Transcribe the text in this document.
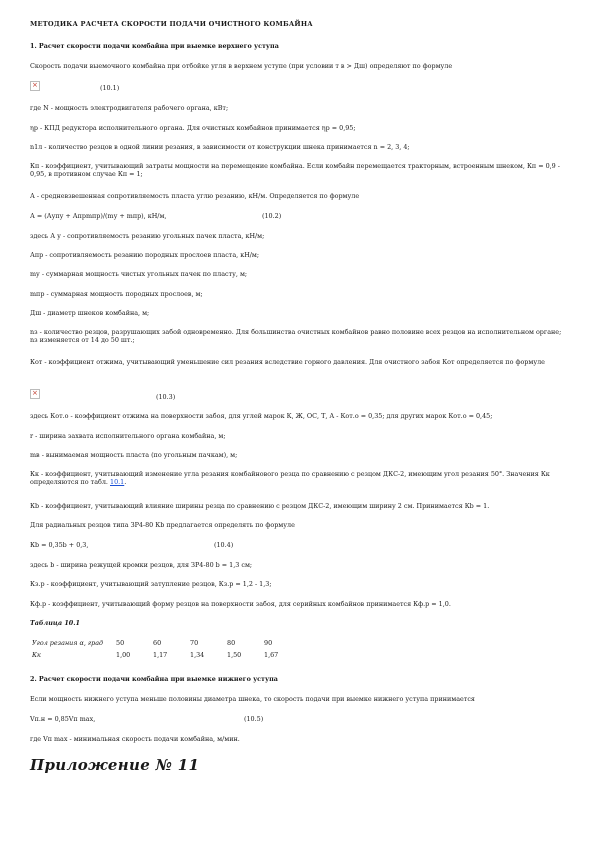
МЕТОДИКА РАСЧЕТА СКОРОСТИ ПОДАЧИ ОЧИСТНОГО КОМБАЙНА
1. Расчет скорости подачи комбайна при выемке верхнего уступа
Скорость подачи выемочного комбайна при отбойке угля в верхнем уступе (при условии т в > Дш) определяют по формуле
×
(10.1)
где N - мощность электродвигателя рабочего органа, кВт;
ηр - КПД редуктора исполнительного органа. Для очистных комбайнов принимается ηр = 0,95;
n1л - количество резцов в одной линии резания, в зависимости от конструкции шнека принимается n = 2, 3, 4;
Кп - коэффициент, учитывающий затраты мощности на перемещение комбайна. Если комбайн перемещается тракторным, встроенным шнеком, Кп = 0,9 - 0,95, в противном случае Кп = 1;
А - средневзвешенная сопротивляемость пласта углю резанию, кН/м. Определяется по формуле
А = (Аупу + Апрmпр)/(mу + mпр), кН/м,	(10.2)
здесь А у - сопротивляемость резанию угольных пачек пласта, кН/м;
Апр - сопротивляемость резанию породных прослоев пласта, кН/м;
mу - суммарная мощность чистых угольных пачек по пласту, м;
mпр - суммарная мощность породных прослоев, м;
Дш - диаметр шнеков комбайна, м;
nз - количество резцов, разрушающих забой одновременно. Для большинства очистных комбайнов равно половине всех резцов на исполнительном органе; nз изменяется от 14 до 50 шт.;
Кот - коэффициент отжима, учитывающий уменьшение сил резания вследствие горного давления. Для очистного забоя Кот определяется по формуле
×
(10.3)
здесь Кот.о - коэффициент отжима на поверхности забоя, для углей марок К, Ж, ОС, Т, А - Кот.о = 0,35; для других марок Кот.о = 0,45;
r - ширина захвата исполнительного органа комбайна, м;
mв - вынимаемая мощность пласта (по угольным пачкам), м;
Кк - коэффициент, учитывающий изменение угла резания комбайнового резца по сравнению с резцом ДКС-2, имеющим угол резания 50°. Значения Кк определяются по табл. 10.1.
Кb - коэффициент, учитывающий влияние ширины резца по сравнению с резцом ДКС-2, имеющим ширину 2 см. Принимается Кb = 1.
Для радиальных резцов типа ЗР4-80 Кb предлагается определять по формуле
Кb = 0,35b + 0,3,	(10.4)
здесь b - ширина режущей кромки резцов, для ЗР4-80 b = 1,3 см;
Кз.р - коэффициент, учитывающий затупление резцов, Кз.р = 1,2 - 1,3;
Кф.р - коэффициент, учитывающий форму резцов на поверхности забоя, для серийных комбайнов принимается Кф.р = 1,0.
Таблица 10.1
Угол резания α, град	50	60	70	80	90
Кк	1,00	1,17	1,34	1,50	1,67
2. Расчет скорости подачи комбайна при выемке нижнего уступа
Если мощность нижнего уступа меньше половины диаметра шнека, то скорость подачи при выемке нижнего уступа принимается
Vп.н = 0,85Vп max,	(10.5)
где Vп max - минимальная скорость подачи комбайна, м/мин.
Приложение № 11
